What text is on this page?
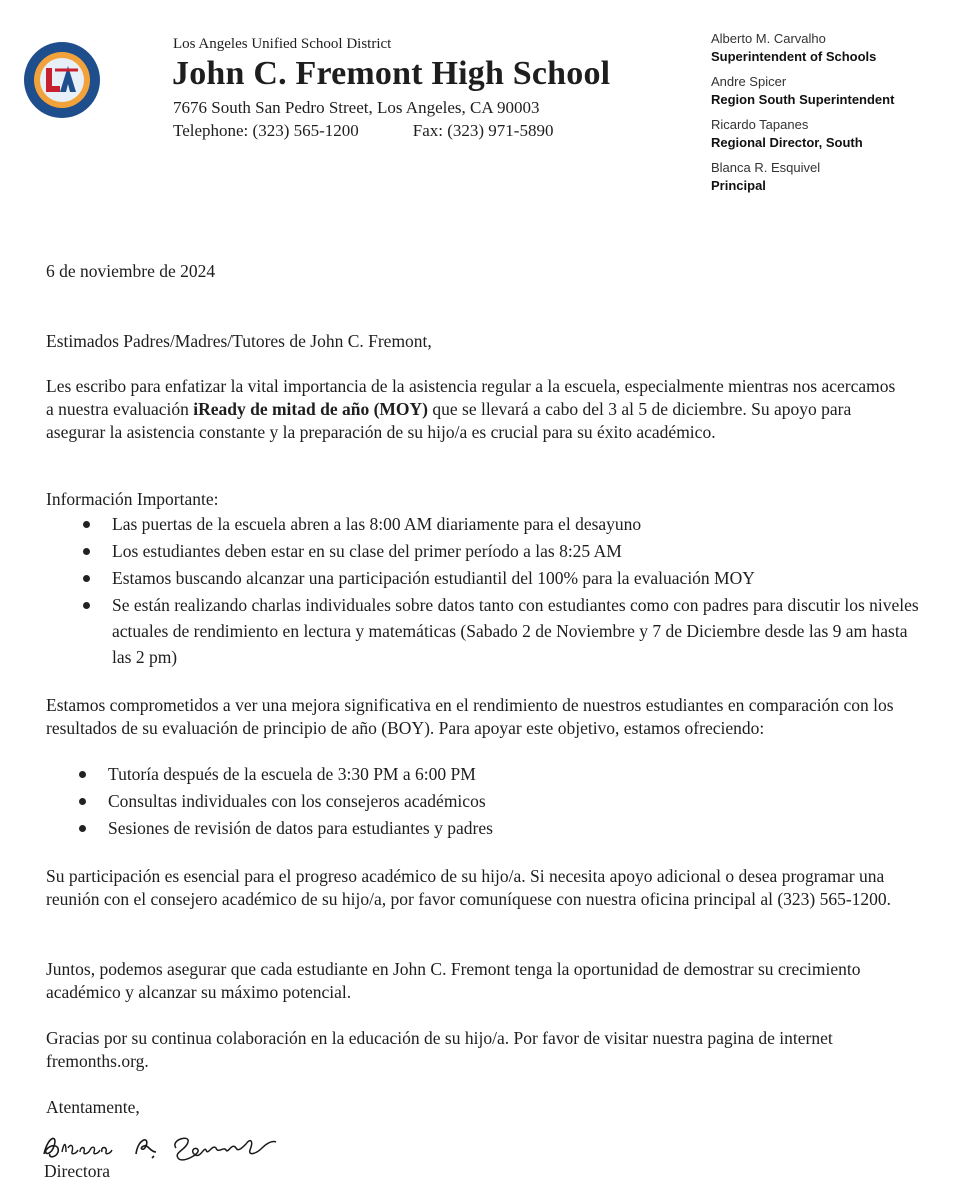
Los Angeles Unified School District
John C. Fremont High School
7676 South San Pedro Street, Los Angeles, CA 90003
Telephone: (323) 565-1200	Fax: (323) 971-5890
Alberto M. Carvalho
Superintendent of Schools
Andre Spicer
Region South Superintendent
Ricardo Tapanes
Regional Director, South
Blanca R. Esquivel
Principal
6 de noviembre de 2024
Estimados Padres/Madres/Tutores de John C. Fremont,
Les escribo para enfatizar la vital importancia de la asistencia regular a la escuela, especialmente mientras nos acercamos a nuestra evaluación iReady de mitad de año (MOY) que se llevará a cabo del 3 al 5 de diciembre. Su apoyo para asegurar la asistencia constante y la preparación de su hijo/a es crucial para su éxito académico.
Información Importante:
Las puertas de la escuela abren a las 8:00 AM diariamente para el desayuno
Los estudiantes deben estar en su clase del primer período a las 8:25 AM
Estamos buscando alcanzar una participación estudiantil del 100% para la evaluación MOY
Se están realizando charlas individuales sobre datos tanto con estudiantes como con padres para discutir los niveles actuales de rendimiento en lectura y matemáticas (Sabado 2 de Noviembre y 7 de Diciembre desde las 9 am hasta las 2 pm)
Estamos comprometidos a ver una mejora significativa en el rendimiento de nuestros estudiantes en comparación con los resultados de su evaluación de principio de año (BOY). Para apoyar este objetivo, estamos ofreciendo:
Tutoría después de la escuela de 3:30 PM a 6:00 PM
Consultas individuales con los consejeros académicos
Sesiones de revisión de datos para estudiantes y padres
Su participación es esencial para el progreso académico de su hijo/a. Si necesita apoyo adicional o desea programar una reunión con el consejero académico de su hijo/a, por favor comuníquese con nuestra oficina principal al (323) 565-1200.
Juntos, podemos asegurar que cada estudiante en John C. Fremont tenga la oportunidad de demostrar su crecimiento académico y alcanzar su máximo potencial.
Gracias por su continua colaboración en la educación de su hijo/a. Por favor de visitar nuestra pagina de internet fremonths.org.
Atentamente,
Directora
